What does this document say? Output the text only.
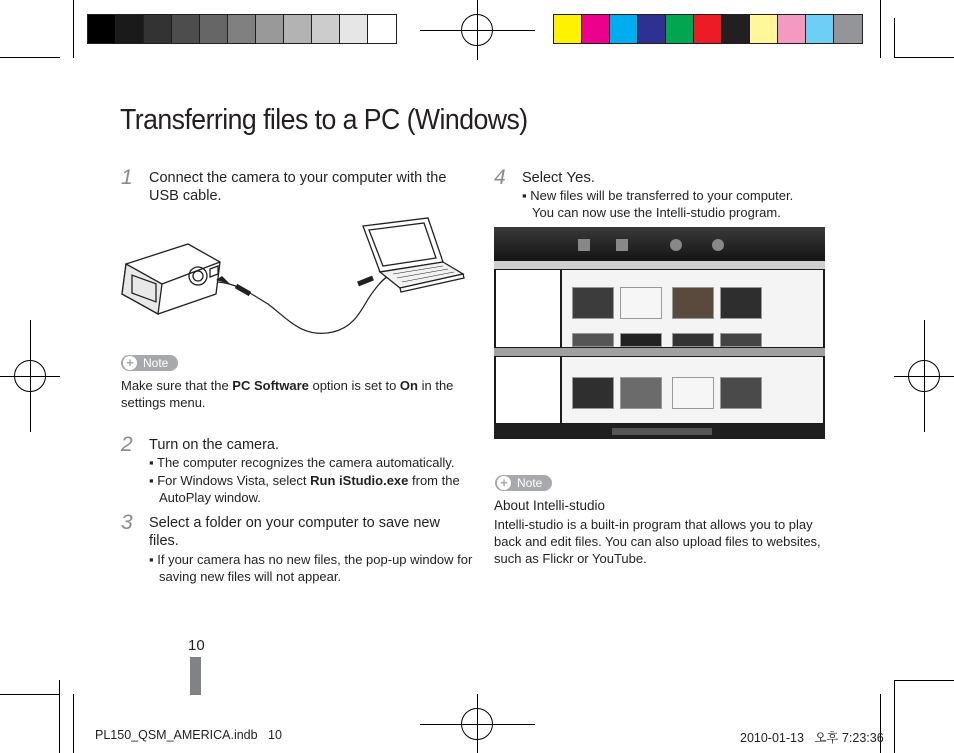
Transferring files to a PC (Windows)
1 Connect the camera to your computer with the USB cable.
+ Note
Make sure that the PC Software option is set to On in the settings menu.
2 Turn on the camera.
▪ The computer recognizes the camera automatically.
▪ For Windows Vista, select Run iStudio.exe from the AutoPlay window.
3 Select a folder on your computer to save new files.
▪ If your camera has no new files, the pop-up window for saving new files will not appear.
4 Select Yes.
▪ New files will be transferred to your computer.
You can now use the Intelli-studio program.
+ Note
About Intelli-studio
Intelli-studio is a built-in program that allows you to play back and edit files. You can also upload files to websites, such as Flickr or YouTube.
10
PL150_QSM_AMERICA.indb   10	2010-01-13   오후 7:23:36
